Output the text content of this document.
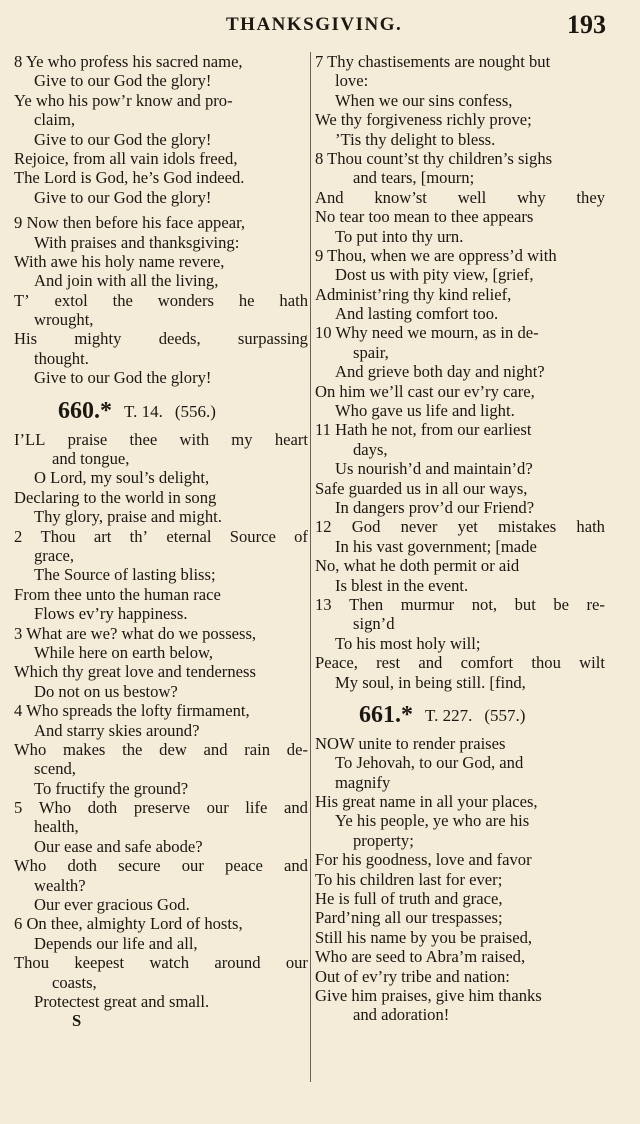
THANKSGIVING.	193
8 Ye who profess his sacred name,
Give to our God the glory!
Ye who his pow’r know and pro-
claim,
Give to our God the glory!
Rejoice, from all vain idols freed,
The Lord is God, he’s God indeed.
Give to our God the glory!
9 Now then before his face appear,
With praises and thanksgiving:
With awe his holy name revere,
And join with all the living,
T’ extol the wonders he hath
wrought,
His mighty deeds, surpassing
thought.
Give to our God the glory!
660.* T. 14. (556.)
I’LL praise thee with my heart
and tongue,
O Lord, my soul’s delight,
Declaring to the world in song
Thy glory, praise and might.
2 Thou art th’ eternal Source of
grace,
The Source of lasting bliss;
From thee unto the human race
Flows ev’ry happiness.
3 What are we? what do we possess,
While here on earth below,
Which thy great love and tenderness
Do not on us bestow?
4 Who spreads the lofty firmament,
And starry skies around?
Who makes the dew and rain de-
scend,
To fructify the ground?
5 Who doth preserve our life and
health,
Our ease and safe abode?
Who doth secure our peace and
wealth?
Our ever gracious God.
6 On thee, almighty Lord of hosts,
Depends our life and all,
Thou keepest watch around our
coasts,
Protectest great and small.
S
7 Thy chastisements are nought but
love:
When we our sins confess,
We thy forgiveness richly prove;
’Tis thy delight to bless.
8 Thou count’st thy children’s sighs
and tears, [mourn;
And know’st well why they
No tear too mean to thee appears
To put into thy urn.
9 Thou, when we are oppress’d with
Dost us with pity view, [grief,
Administ’ring thy kind relief,
And lasting comfort too.
10 Why need we mourn, as in de-
spair,
And grieve both day and night?
On him we’ll cast our ev’ry care,
Who gave us life and light.
11 Hath he not, from our earliest
days,
Us nourish’d and maintain’d?
Safe guarded us in all our ways,
In dangers prov’d our Friend?
12 God never yet mistakes hath
In his vast government; [made
No, what he doth permit or aid
Is blest in the event.
13 Then murmur not, but be re-
sign’d
To his most holy will;
Peace, rest and comfort thou wilt
My soul, in being still. [find,
661.* T. 227. (557.)
NOW unite to render praises
To Jehovah, to our God, and
magnify
His great name in all your places,
Ye his people, ye who are his
property;
For his goodness, love and favor
To his children last for ever;
He is full of truth and grace,
Pard’ning all our trespasses;
Still his name by you be praised,
Who are seed to Abra’m raised,
Out of ev’ry tribe and nation:
Give him praises, give him thanks
and adoration!
